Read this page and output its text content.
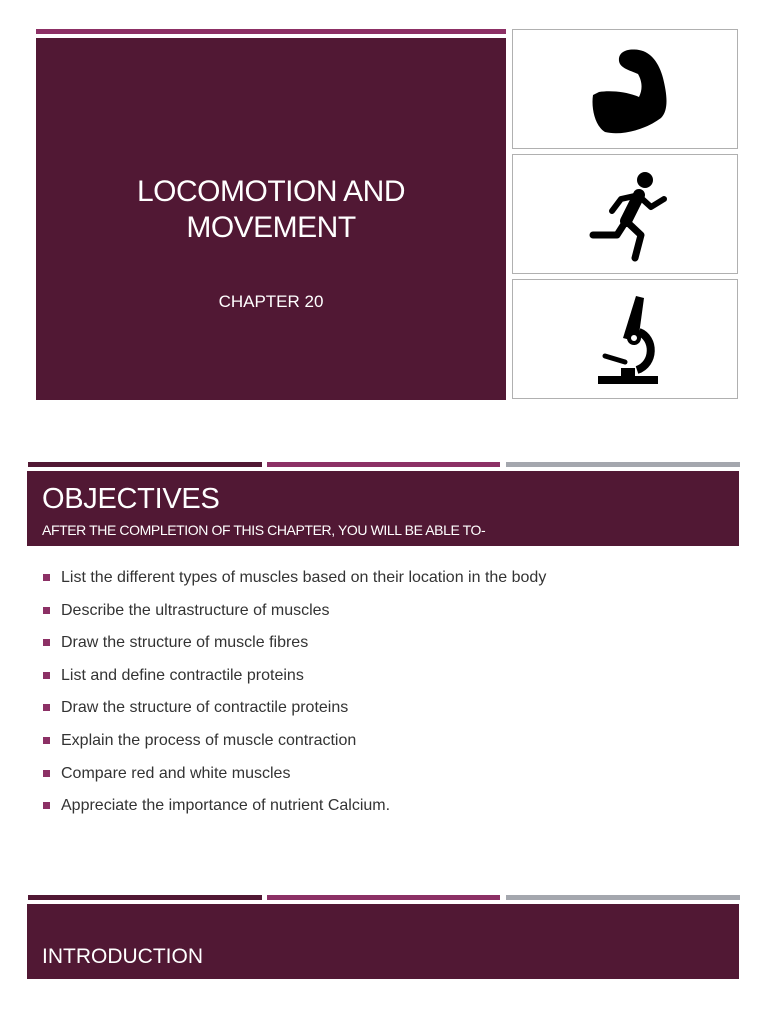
LOCOMOTION AND
MOVEMENT
CHAPTER 20
OBJECTIVES
AFTER THE COMPLETION OF THIS CHAPTER, YOU WILL BE ABLE TO-
List the different types of muscles based on their location in the body
Describe the ultrastructure of muscles
Draw the structure of muscle fibres
List and define contractile proteins
Draw the structure of contractile proteins
Explain the process of muscle contraction
Compare red and white muscles
Appreciate the importance of nutrient Calcium.
INTRODUCTION
